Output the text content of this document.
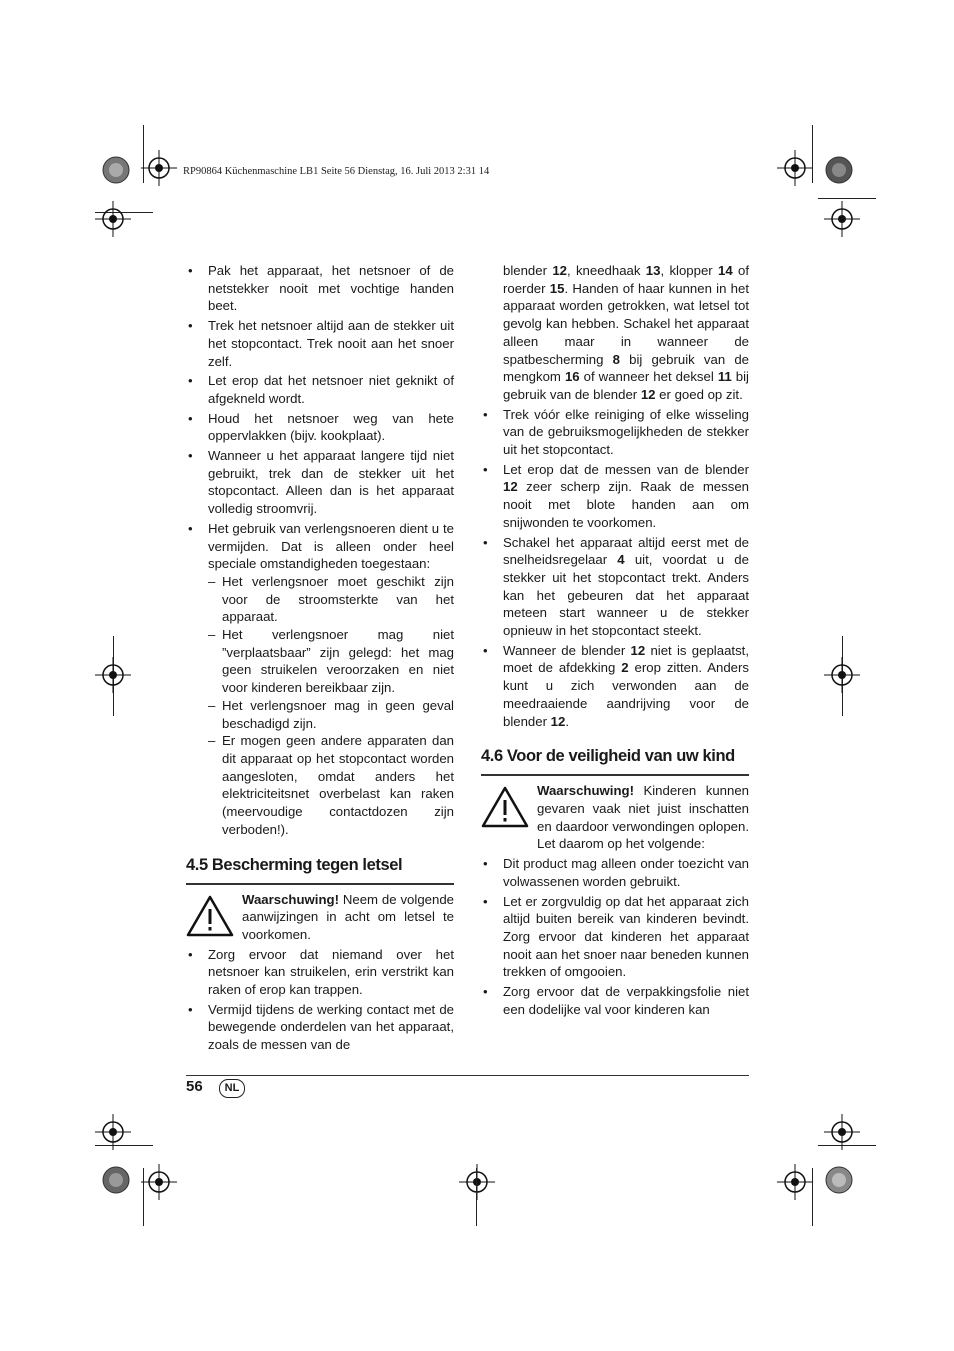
RP90864 Küchenmaschine LB1 Seite 56 Dienstag, 16. Juli 2013 2:31 14

• Pak het apparaat, het netsnoer of de netstekker nooit met vochtige handen beet.

• Trek het netsnoer altijd aan de stekker uit het stopcontact. Trek nooit aan het snoer zelf.

• Let erop dat het netsnoer niet geknikt of afgekneld wordt.

• Houd het netsnoer weg van hete oppervlakken (bijv. kookplaat).

• Wanneer u het apparaat langere tijd niet gebruikt, trek dan de stekker uit het stopcontact. Alleen dan is het apparaat volledig stroomvrij.

• Het gebruik van verlengsnoeren dient u te vermijden. Dat is alleen onder heel speciale omstandigheden toegestaan:

– Het verlengsnoer moet geschikt zijn voor de stroomsterkte van het apparaat.

– Het verlengsnoer mag niet ”verplaatsbaar” zijn gelegd: het mag geen struikelen veroorzaken en niet voor kinderen bereikbaar zijn.

– Het verlengsnoer mag in geen geval beschadigd zijn.

– Er mogen geen andere apparaten dan dit apparaat op het stopcontact worden aangesloten, omdat anders het elektriciteitsnet overbelast kan raken (meervoudige contactdozen zijn verboden!).

4.5 Bescherming tegen letsel
Waarschuwing! Neem de volgende aanwijzingen in acht om letsel te voorkomen.

• Zorg ervoor dat niemand over het netsnoer kan struikelen, erin verstrikt kan raken of erop kan trappen.

• Vermijd tijdens de werking contact met de bewegende onderdelen van het apparaat, zoals de messen van de

blender 12, kneedhaak 13, klopper 14 of roerder 15. Handen of haar kunnen in het apparaat worden getrokken, wat letsel tot gevolg kan hebben. Schakel het apparaat alleen maar in wanneer de spatbescherming 8 bij gebruik van de mengkom 16 of wanneer het deksel 11 bij gebruik van de blender 12 er goed op zit.

• Trek vóór elke reiniging of elke wisseling van de gebruiksmogelijkheden de stekker uit het stopcontact.

• Let erop dat de messen van de blender 12 zeer scherp zijn. Raak de messen nooit met blote handen aan om snijwonden te voorkomen.

• Schakel het apparaat altijd eerst met de snelheidsregelaar 4 uit, voordat u de stekker uit het stopcontact trekt. Anders kan het gebeuren dat het apparaat meteen start wanneer u de stekker opnieuw in het stopcontact steekt.

• Wanneer de blender 12 niet is geplaatst, moet de afdekking 2 erop zitten. Anders kunt u zich verwonden aan de meedraaiende aandrijving voor de blender 12.

4.6 Voor de veiligheid van uw kind
Waarschuwing! Kinderen kunnen gevaren vaak niet juist inschatten en daardoor verwondingen oplopen. Let daarom op het volgende:

• Dit product mag alleen onder toezicht van volwassenen worden gebruikt.

• Let er zorgvuldig op dat het apparaat zich altijd buiten bereik van kinderen bevindt. Zorg ervoor dat kinderen het apparaat nooit aan het snoer naar beneden kunnen trekken of omgooien.

• Zorg ervoor dat de verpakkingsfolie niet een dodelijke val voor kinderen kan

56	NL
